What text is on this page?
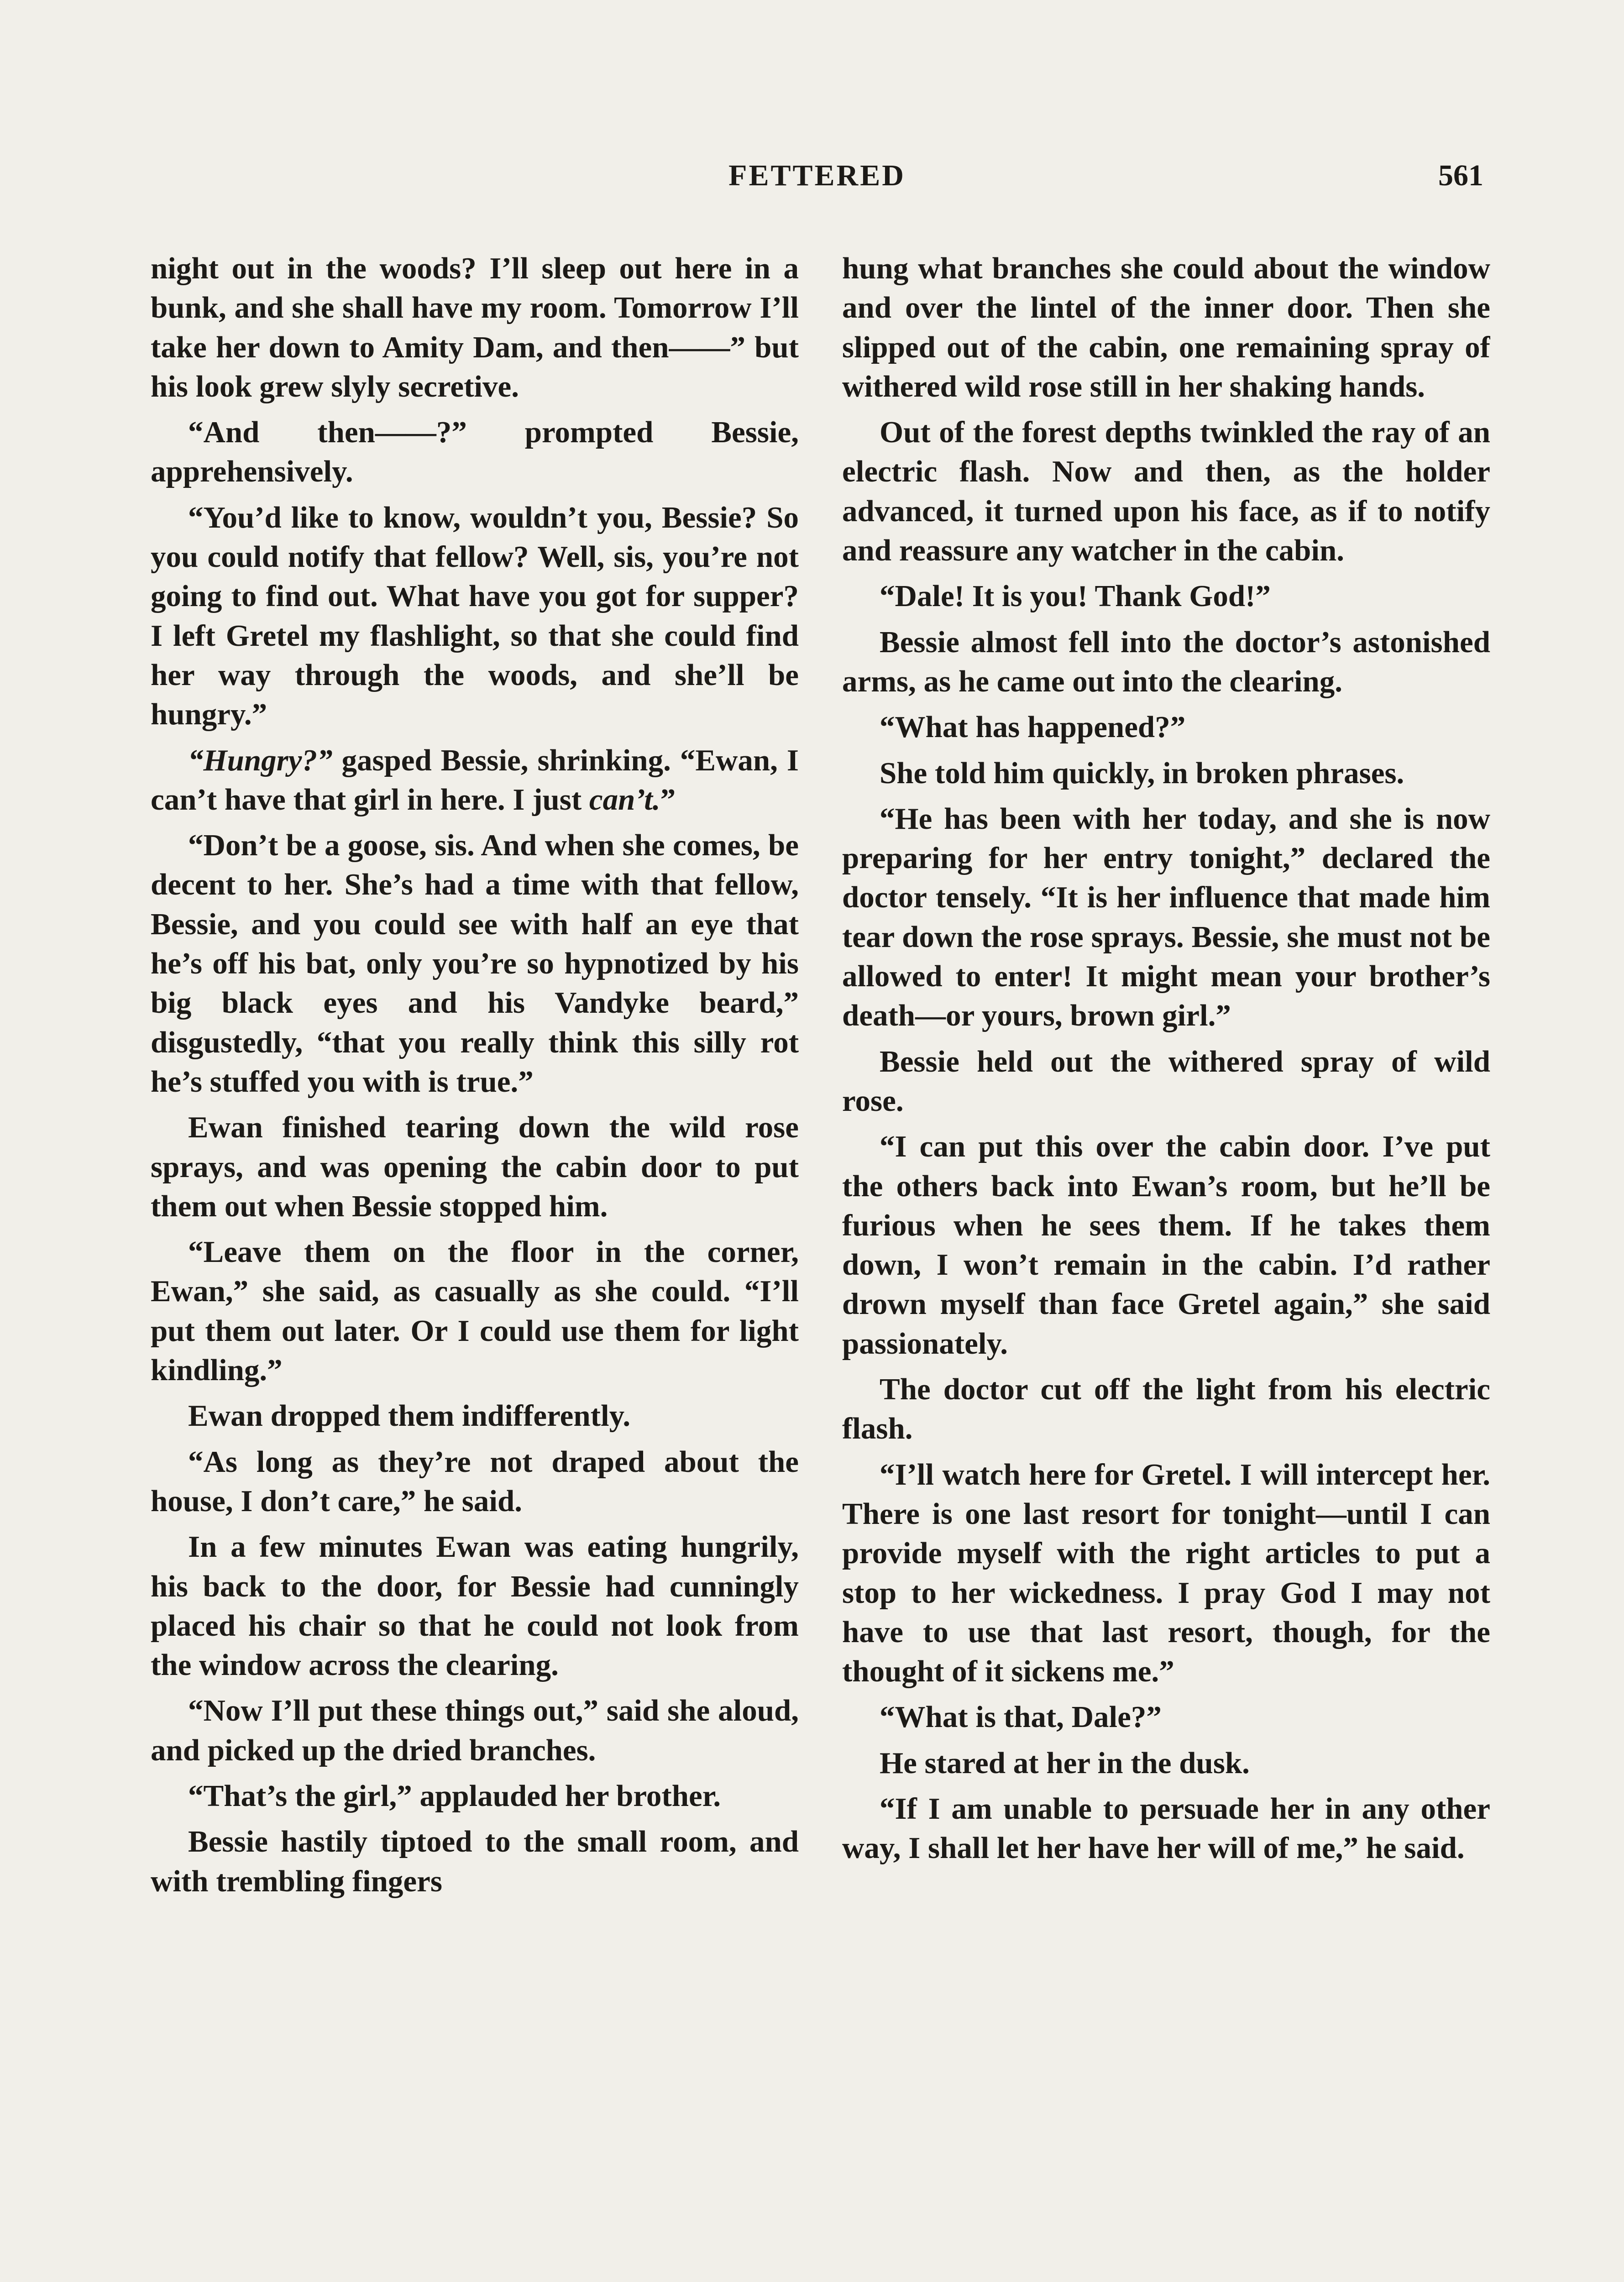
FETTERED	561

night out in the woods? I’ll sleep out here in a bunk, and she shall have my room. Tomorrow I’ll take her down to Amity Dam, and then——” but his look grew slyly secretive.

“And then——?” prompted Bessie, apprehensively.

“You’d like to know, wouldn’t you, Bessie? So you could notify that fellow? Well, sis, you’re not going to find out. What have you got for supper? I left Gretel my flashlight, so that she could find her way through the woods, and she’ll be hungry.”

“Hungry?” gasped Bessie, shrinking. “Ewan, I can’t have that girl in here. I just can’t.”

“Don’t be a goose, sis. And when she comes, be decent to her. She’s had a time with that fellow, Bessie, and you could see with half an eye that he’s off his bat, only you’re so hypnotized by his big black eyes and his Vandyke beard,” disgustedly, “that you really think this silly rot he’s stuffed you with is true.”

Ewan finished tearing down the wild rose sprays, and was opening the cabin door to put them out when Bessie stopped him.

“Leave them on the floor in the corner, Ewan,” she said, as casually as she could. “I’ll put them out later. Or I could use them for light kindling.”

Ewan dropped them indifferently.

“As long as they’re not draped about the house, I don’t care,” he said.

In a few minutes Ewan was eating hungrily, his back to the door, for Bessie had cunningly placed his chair so that he could not look from the window across the clearing.

“Now I’ll put these things out,” said she aloud, and picked up the dried branches.

“That’s the girl,” applauded her brother.

Bessie hastily tiptoed to the small room, and with trembling fingers

hung what branches she could about the window and over the lintel of the inner door. Then she slipped out of the cabin, one remaining spray of withered wild rose still in her shaking hands.

Out of the forest depths twinkled the ray of an electric flash. Now and then, as the holder advanced, it turned upon his face, as if to notify and reassure any watcher in the cabin.

“Dale! It is you! Thank God!”

Bessie almost fell into the doctor’s astonished arms, as he came out into the clearing.

“What has happened?”

She told him quickly, in broken phrases.

“He has been with her today, and she is now preparing for her entry tonight,” declared the doctor tensely. “It is her influence that made him tear down the rose sprays. Bessie, she must not be allowed to enter! It might mean your brother’s death—or yours, brown girl.”

Bessie held out the withered spray of wild rose.

“I can put this over the cabin door. I’ve put the others back into Ewan’s room, but he’ll be furious when he sees them. If he takes them down, I won’t remain in the cabin. I’d rather drown myself than face Gretel again,” she said passionately.

The doctor cut off the light from his electric flash.

“I’ll watch here for Gretel. I will intercept her. There is one last resort for tonight—until I can provide myself with the right articles to put a stop to her wickedness. I pray God I may not have to use that last resort, though, for the thought of it sickens me.”

“What is that, Dale?”

He stared at her in the dusk.

“If I am unable to persuade her in any other way, I shall let her have her will of me,” he said.
